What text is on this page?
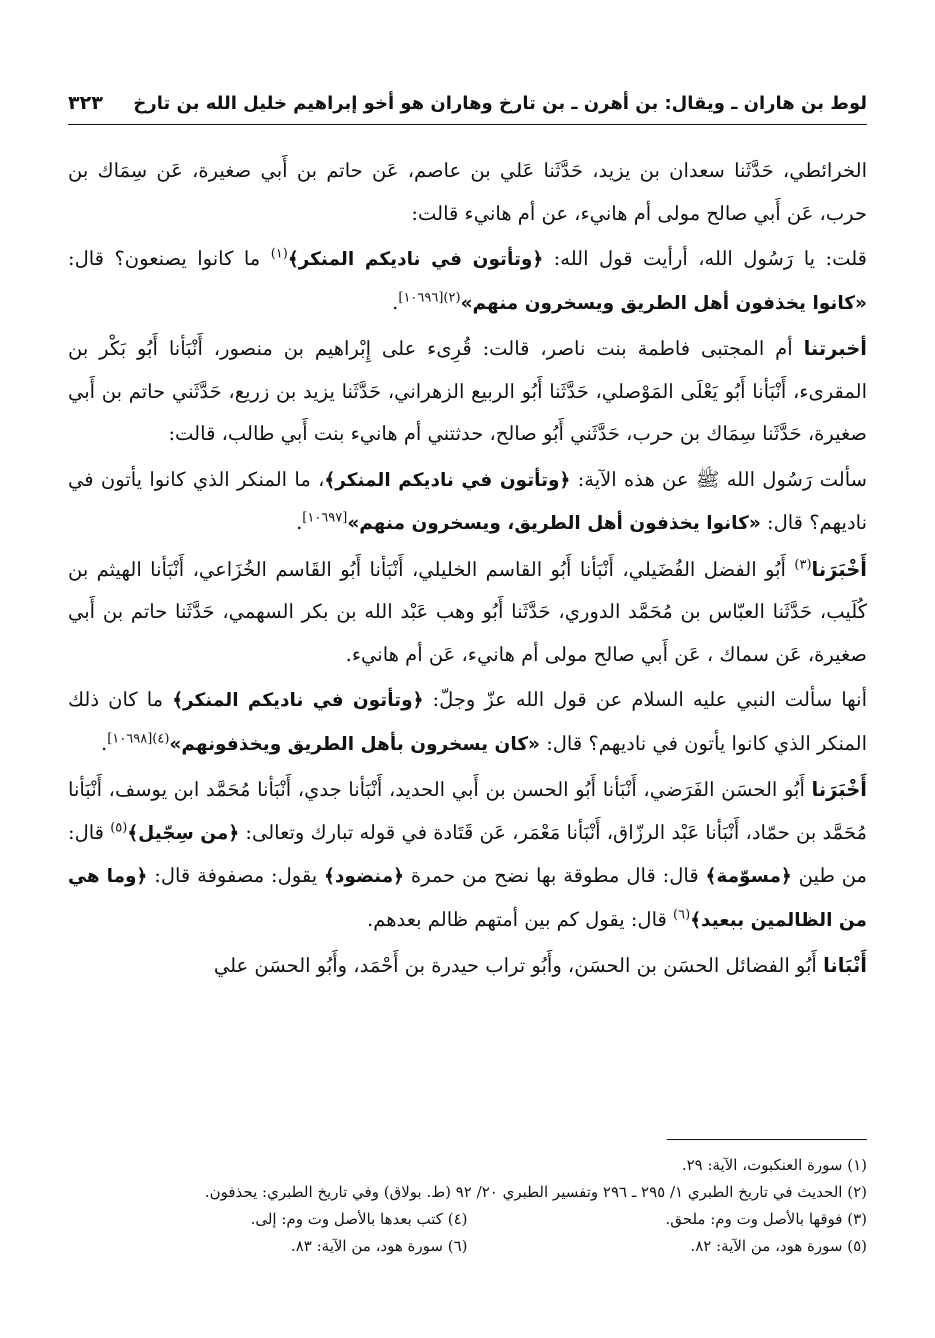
لوط بن هاران ـ ويقال: بن أهرن ـ بن تارخ وهاران هو أخو إبراهيم خليل الله بن تارخ
٣٢٣

الخرائطي، حَدَّثَنا سعدان بن يزيد، حَدَّثَنا عَلي بن عاصم، عَن حاتم بن أَبي صغيرة، عَن سِمَاك بن حرب، عَن أَبي صالح مولى أم هانيء، عن أم هانيء قالت:

قلت: يا رَسُول الله، أرأيت قول الله: ﴿وتأتون في ناديكم المنكر﴾$^{(١)}$ ما كانوا يصنعون؟ قال: «كانوا يخذفون أهل الطريق ويسخرون منهم»$^{(٢)[١٠٦٩٦]}$.

أخبرتنا أم المجتبى فاطمة بنت ناصر، قالت: قُرِىء على إِبْراهيم بن منصور، أَنْبَأنا أَبُو بَكْر بن المقرىء، أَنْبَأنا أَبُو يَعْلَى المَوْصلي، حَدَّثَنا أَبُو الربيع الزهراني، حَدَّثَنا يزيد بن زريع، حَدَّثَني حاتم بن أَبي صغيرة، حَدَّثَنا سِمَاك بن حرب، حَدَّثَني أَبُو صالح، حدثتني أم هانيء بنت أَبي طالب، قالت:

سألت رَسُول الله ﷺ عن هذه الآية: ﴿وتأتون في ناديكم المنكر﴾، ما المنكر الذي كانوا يأتون في ناديهم؟ قال: «كانوا يخذفون أهل الطريق، ويسخرون منهم»[١٠٦٩٧].

أَخْبَرَنا$^{(٣)}$ أَبُو الفضل الفُضَيلي، أَنْبَأنا أَبُو القاسم الخليلي، أَنْبَأنا أَبُو القَاسم الخُزَاعي، أَنْبَأنا الهيثم بن كُلَيب، حَدَّثَنا العبّاس بن مُحَمَّد الدوري، حَدَّثَنا أَبُو وهب عَبْد الله بن بكر السهمي، حَدَّثَنا حاتم بن أَبي صغيرة، عَن سماك ، عَن أَبي صالح مولى أم هانيء، عَن أم هانيء.

أنها سألت النبي عليه السلام عن قول الله عزّ وجلّ: ﴿وتأتون في ناديكم المنكر﴾ ما كان ذلك المنكر الذي كانوا يأتون في ناديهم؟ قال: «كان يسخرون بأهل الطريق ويخذفونهم»$^{(٤)[١٠٦٩٨]}$.

أَخْبَرَنا أَبُو الحسَن الفَرَضي، أَنْبَأنا أَبُو الحسن بن أَبي الحديد، أَنْبَأنا جدي، أَنْبَأنا مُحَمَّد ابن يوسف، أَنْبَأنا مُحَمَّد بن حمّاد، أَنْبَأنا عَبْد الرزّاق، أَنْبَأنا مَعْمَر، عَن قَتَادة في قوله تبارك وتعالى: ﴿من سِجّيل﴾$^{(٥)}$ قال: من طين ﴿مسوّمة﴾ قال: قال مطوقة بها نضح من حمرة ﴿منضود﴾ يقول: مصفوفة قال: ﴿وما هي من الظالمين ببعيد﴾$^{(٦)}$ قال: يقول كم بين أمتهم ظالم بعدهم.

أَنْبَانا أَبُو الفضائل الحسَن بن الحسَن، وأَبُو تراب حيدرة بن أَحْمَد، وأَبُو الحسَن علي

(١) سورة العنكبوت، الآية: ٢٩.

(٢) الحديث في تاريخ الطبري ١/ ٢٩٥ ـ ٢٩٦ وتفسير الطبري ٢٠/ ٩٢ (ط. بولاق) وفي تاريخ الطبري: يحذفون.

(٣) فوقها بالأصل وت وم: ملحق.

(٤) كتب بعدها بالأصل وت وم: إلى.

(٥) سورة هود، من الآية: ٨٢.

(٦) سورة هود، من الآية: ٨٣.
